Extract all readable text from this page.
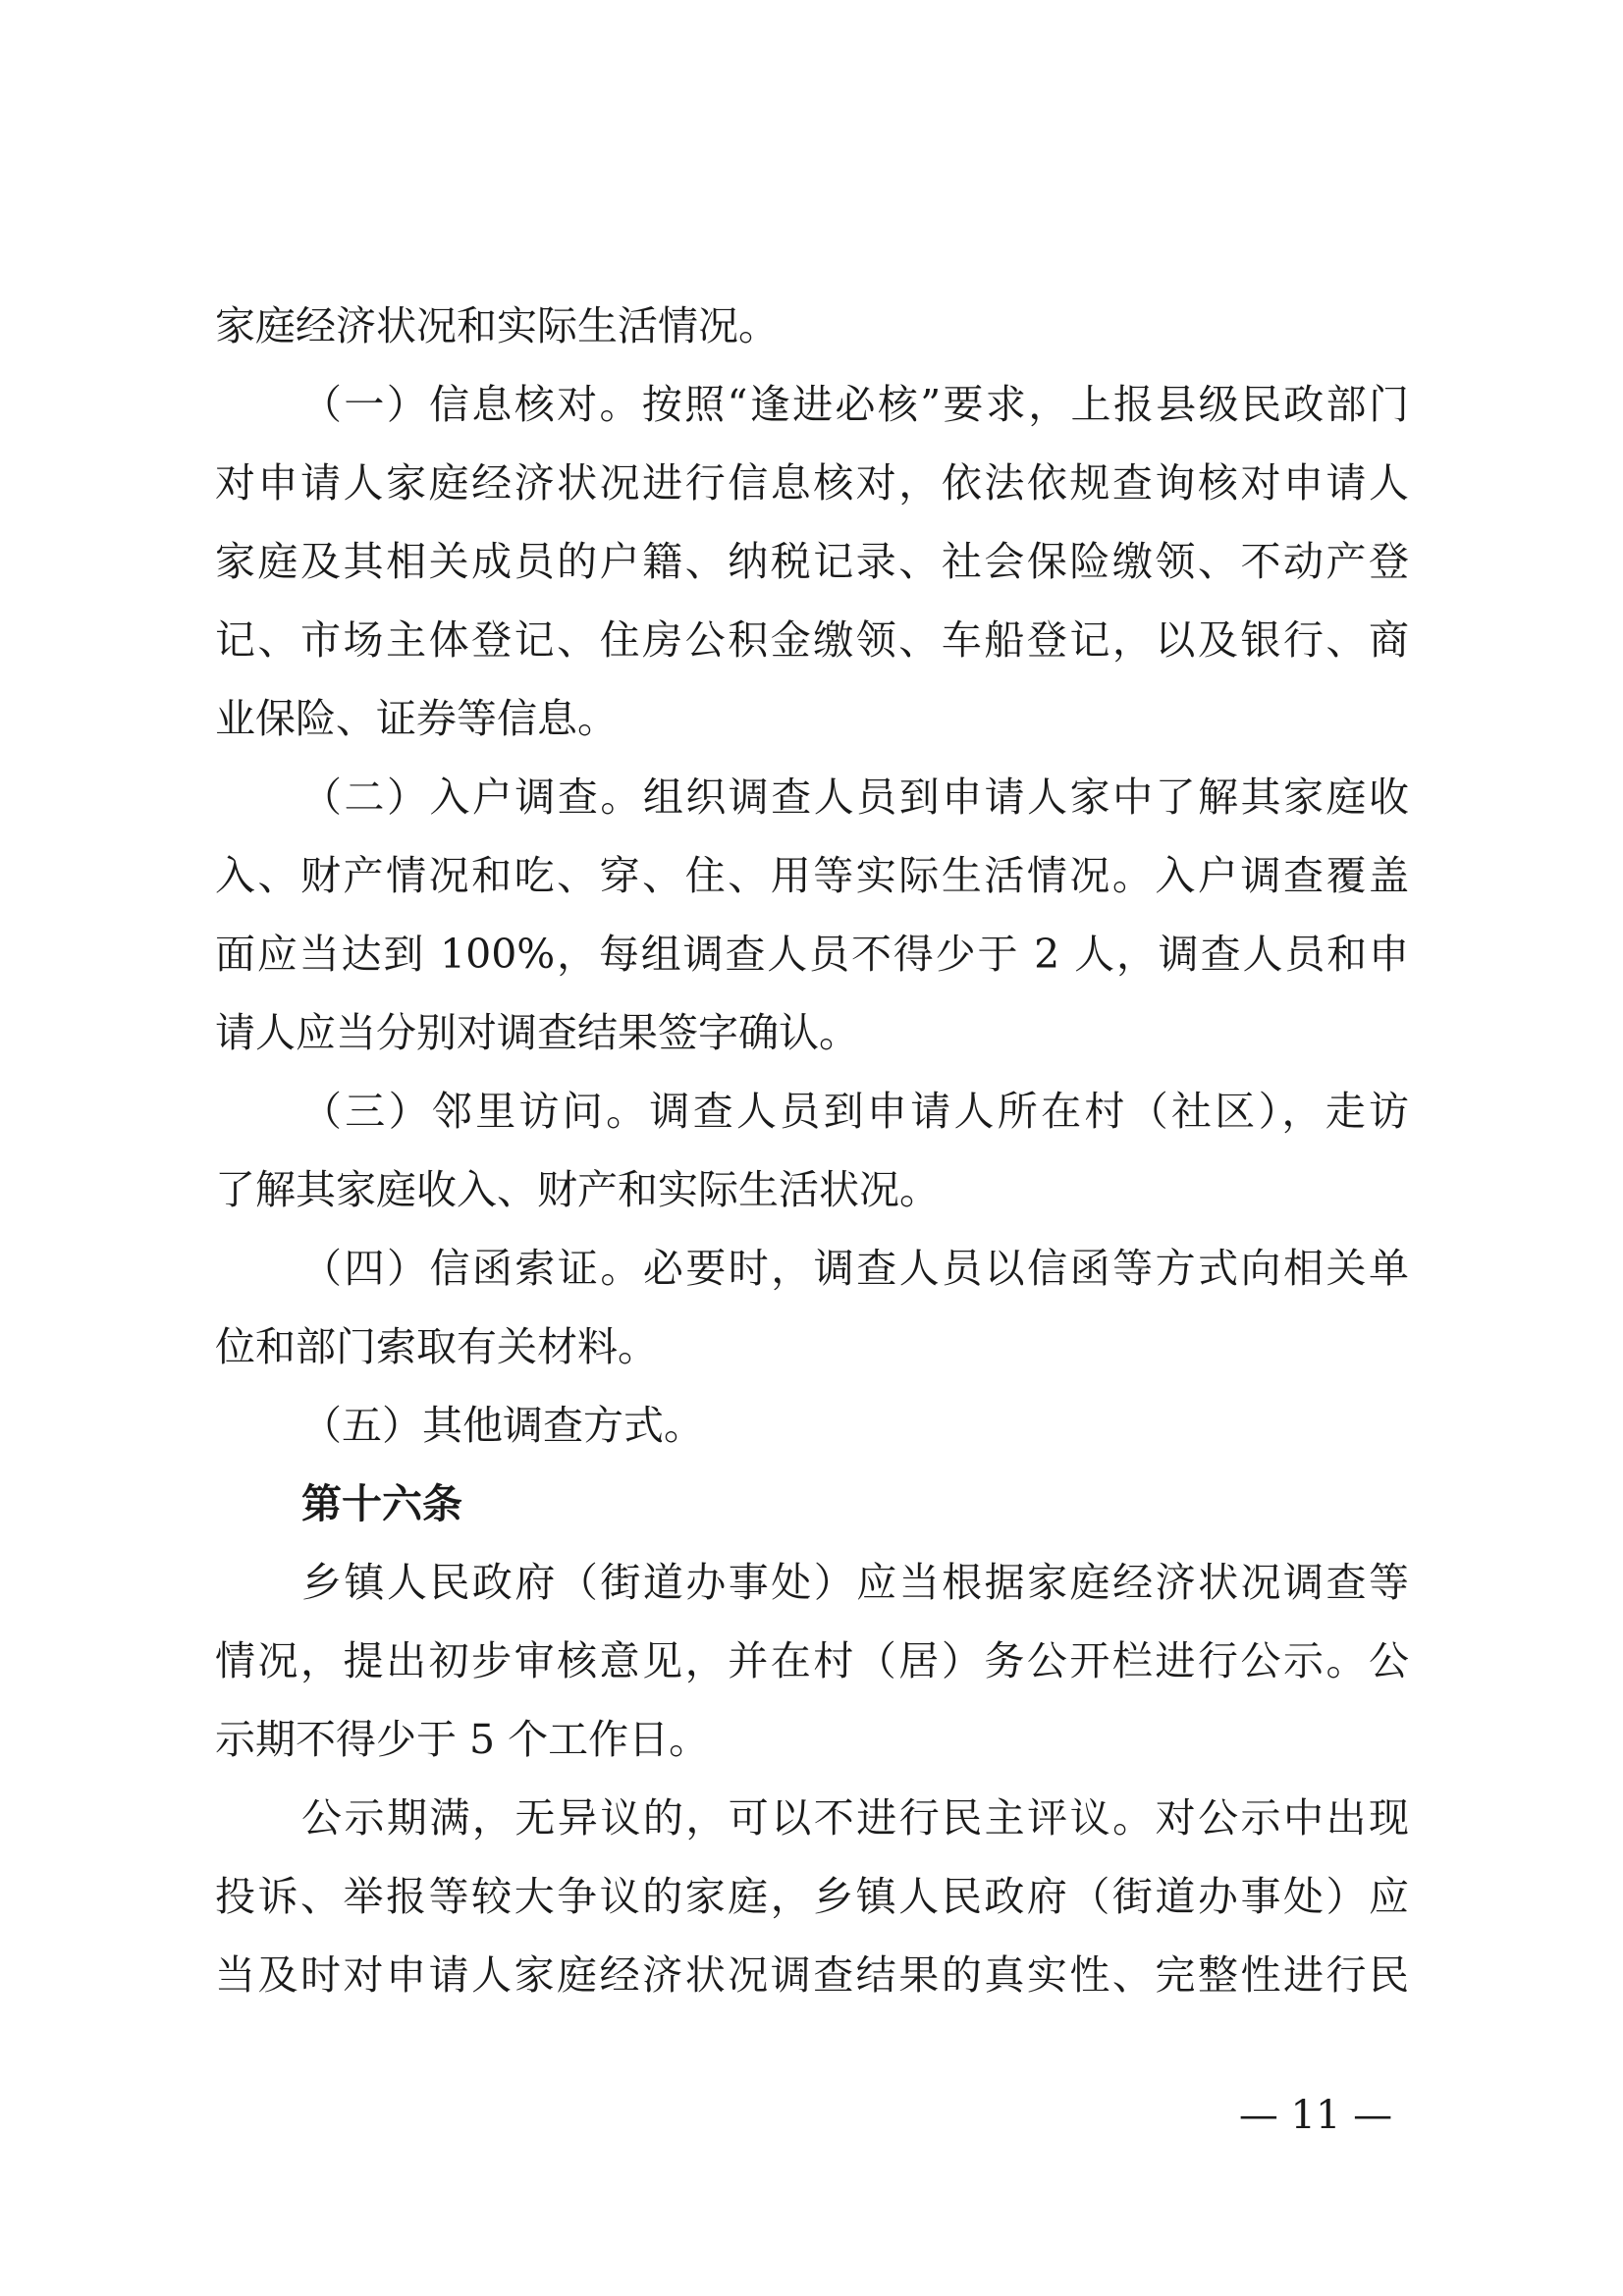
家庭经济状况和实际生活情况。
（一）信息核对。按照“逢进必核”要求，上报县级民政部门
对申请人家庭经济状况进行信息核对，依法依规查询核对申请人
家庭及其相关成员的户籍、纳税记录、社会保险缴领、不动产登
记、市场主体登记、住房公积金缴领、车船登记，以及银行、商
业保险、证券等信息。
（二）入户调查。组织调查人员到申请人家中了解其家庭收
入、财产情况和吃、穿、住、用等实际生活情况。入户调查覆盖
面应当达到 100%，每组调查人员不得少于 2 人，调查人员和申
请人应当分别对调查结果签字确认。
（三）邻里访问。调查人员到申请人所在村（社区），走访
了解其家庭收入、财产和实际生活状况。
（四）信函索证。必要时，调查人员以信函等方式向相关单
位和部门索取有关材料。
（五）其他调查方式。
第十六条
乡镇人民政府（街道办事处）应当根据家庭经济状况调查等
情况，提出初步审核意见，并在村（居）务公开栏进行公示。公
示期不得少于 5 个工作日。
公示期满，无异议的，可以不进行民主评议。对公示中出现
投诉、举报等较大争议的家庭，乡镇人民政府（街道办事处）应
当及时对申请人家庭经济状况调查结果的真实性、完整性进行民
— 11 —
